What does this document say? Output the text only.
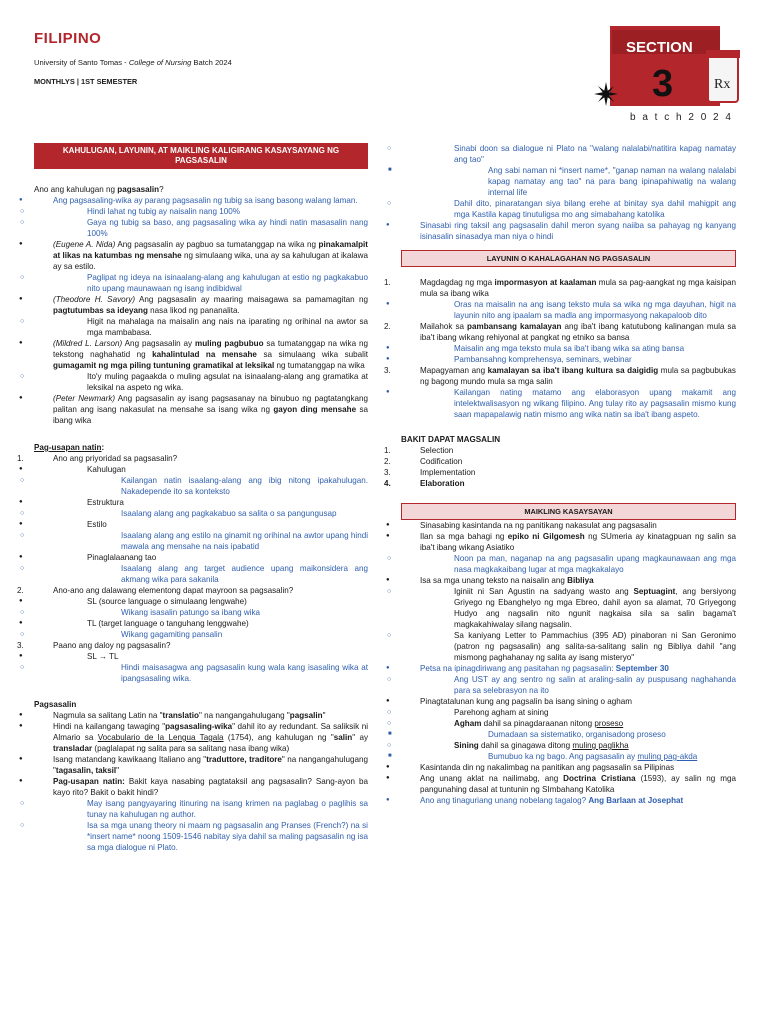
FILIPINO
University of Santo Tomas - College of Nursing Batch 2024
MONTHLYS | 1ST SEMESTER
SECTION
3	Rx
b a t c h 2 0 2 4
KAHULUGAN, LAYUNIN, AT MAIKLING KALIGIRANG KASAYSAYANG NG PAGSASALIN
Ano ang kahulugan ng pagsasalin?
● Ang pagsasaling-wika ay parang pagsasalin ng tubig sa isang basong walang laman.
○ Hindi lahat ng tubig ay naisalin nang 100%
○ Gaya ng tubig sa baso, ang pagsasaling wika ay hindi natin masasalin nang 100%
● (Eugene A. Nida) Ang pagsasalin ay pagbuo sa tumatanggap na wika ng pinakamalpit at likas na katumbas ng mensahe ng simulaang wika, una ay sa kahulugan at ikalawa ay sa estilo.
○ Paglipat ng ideya na isinaalang-alang ang kahulugan at estio ng pagkakabuo nito upang maunawaan ng isang indibidwal
● (Theodore H. Savory) Ang pagsasalin ay maaring maisagawa sa pamamagitan ng pagtutumbas sa ideyang nasa likod ng pananalita.
○ Higit na mahalaga na maisalin ang nais na iparating ng orihinal na awtor sa mga mambabasa.
● (Mildred L. Larson) Ang pagsasalin ay muling pagbubuo sa tumatanggap na wika ng tekstong naghahatid ng kahalintulad na mensahe sa simulaang wika subalit gumagamit ng mga piling tuntuning gramatikal at leksikal ng tumatanggap na wika
○ Ito'y muling pagaakda o muling agsulat na isinaalang-alang ang gramatika at leksikal na aspeto ng wika.
● (Peter Newmark) Ang pagsasalin ay isang pagsasanay na binubuo ng pagtatangkang palitan ang isang nakasulat na mensahe sa isang wika ng gayon ding mensahe sa ibang wika
Pag-usapan natin:
1.	Ano ang priyoridad sa pagsasalin?
● Kahulugan
○ Kailangan natin isaalang-alang ang ibig nitong ipakahulugan. Nakadepende ito sa konteksto
● Estruktura
○ Isaalang alang ang pagkakabuo sa salita o sa pangungusap
● Estilo
○ Isaalang alang ang estilo na ginamit ng orihinal na awtor upang hindi mawala ang mensahe na nais ipabatid
● Pinaglalaanang tao
○ Isaalang alang ang target audience upang maikonsidera ang akmang wika para sakanila
2.	Ano-ano ang dalawang elementong dapat mayroon sa pagsasalin?
● SL (source language o simulaang lengwahe)
○ Wikang isasalin patungo sa ibang wika
● TL (target language o tanguhang lenggwahe)
○ Wikang gagamiting pansalin
3.	Paano ang daloy ng pagsasalin?
● SL → TL
○ Hindi maisasagwa ang pagsasalin kung wala kang isasaling wika at ipangsasaling wika.
Pagsasalin
● Nagmula sa salitang Latin na "translatio" na nangangahulugang "pagsalin"
● Hindi na kailangang tawaging "pagsasaling-wika" dahil ito ay redundant. Sa saliksik ni Almario sa Vocabulario de la Lengua Tagala (1754), ang kahulugan ng "salin" ay transladar (paglalapat ng salita para sa salitang nasa ibang wika)
● Isang matandang kawikaang Italiano ang "traduttore, traditore" na nangangahulugang "tagasalin, taksil"
● Pag-usapan natin: Bakit kaya nasabing pagtataksil ang pagsasalin? Sang-ayon ba kayo rito? Bakit o bakit hindi?
○ May isang pangyayaring itinuring na isang krimen na paglabag o paglihis sa tunay na kahulugan ng author.
○ Isa sa mga unang theory ni maam ng pagsasalin ang Pranses (French?) na si *insert name* noong 1509-1546 nabitay siya dahil sa maling pagsasalin ng isa sa mga dialogue ni Plato.
○ Sinabi doon sa dialogue ni Plato na "walang nalalabi/natitira kapag namatay ang tao"
■ Ang sabi naman ni *insert name*, "ganap naman na walang nalalabi kapag namatay ang tao" na para bang ipinapahiwatig na walang internal life
○ Dahil dito, pinaratangan siya bilang erehe at binitay sya dahil mahigpit ang mga Kastila kapag tinutuligsa mo ang simabahang katolika
● Sinasabi ring taksil ang pagsasalin dahil meron syang naiiba sa pahayag ng kanyang isinasalin sinasadya man niya o hindi
LAYUNIN O KAHALAGAHAN NG PAGSASALIN
1.	Magdagdag ng mga impormasyon at kaalaman mula sa pag-aangkat ng mga kaisipan mula sa ibang wika
● Oras na maisalin na ang isang teksto mula sa wika ng mga dayuhan, higit na layunin nito ang ipaalam sa madla ang impormasyong nakapaloob dito
2.	Mailahok sa pambansang kamalayan ang iba't ibang katutubong kalinangan mula sa iba't ibang wikang rehiyonal at pangkat ng etniko sa bansa
● Maisalin ang mga teksto mula sa iba't ibang wika sa ating bansa
● Pambansahng komprehensya, seminars, webinar
3.	Mapagyaman ang kamalayan sa iba't ibang kultura sa daigidig mula sa pagbubukas ng bagong mundo mula sa mga salin
● Kailangan nating matamo ang elaborasyon upang makamit ang intelektwalisasyon ng wikang filipino. Ang tulay rito ay pagsasalin mismo kung saan mapapalawig natin mismo ang wika natin sa iba't ibang aspeto.
BAKIT DAPAT MAGSALIN
1.	Selection
2.	Codification
3.	Implementation
4.	Elaboration
MAIKLING KASAYSAYAN
● Sinasabing kasintanda na ng panitikang nakasulat ang pagsasalin
● Ilan sa mga bahagi ng epiko ni Gilgomesh ng SUmeria ay kinatagpuan ng salin sa iba't ibang wikang Asiatiko
○ Noon pa man, naganap na ang pagsasalin upang magkaunawaan ang mga nasa magkakaibang lugar at mga magkakalayo
● Isa sa mga unang teksto na naisalin ang Bibliya
○ Iginiit ni San Agustin na sadyang wasto ang Septuagint, ang bersiyong Griyego ng Ebanghelyo ng mga Ebreo, dahil ayon sa alamat, 70 Griyegong Hudyo ang nagsalin nito ngunit nagkaisa sila sa salin bagama't magkakahiwalay silang nagsalin.
○ Sa kaniyang Letter to Pammachius (395 AD) pinaboran ni San Geronimo (patron ng pagsasalin) ang salita-sa-salitang salin ng Bibliya dahil "ang mismong paghahanay ng salita ay isang misteryo"
● Petsa na ipinagdiriwang ang pasitahan ng pagsasalin: September 30
○ Ang UST ay ang sentro ng salin at araling-salin ay puspusang naghahanda para sa selebrasyon na ito
● Pinagtatalunan kung ang pagsalin ba isang sining o agham
○ Parehong agham at sining
○ Agham dahil sa pinagdaraanan nitong proseso
■ Dumadaan sa sistematiko, organisadong proseso
○ Sining dahil sa ginagawa ditong muling paglikha
■ Bumubuo ka ng bago. Ang pagsasalin ay muling pag-akda
● Kasintanda din ng nakalimbag na panitikan ang pagsasalin sa Pilipinas
● Ang unang aklat na nailimabg, ang Doctrina Cristiana (1593), ay salin ng mga pangunahing dasal at tuntunin ng SImbahang Katolika
● Ano ang tinaguriang unang nobelang tagalog? Ang Barlaan at Josephat
